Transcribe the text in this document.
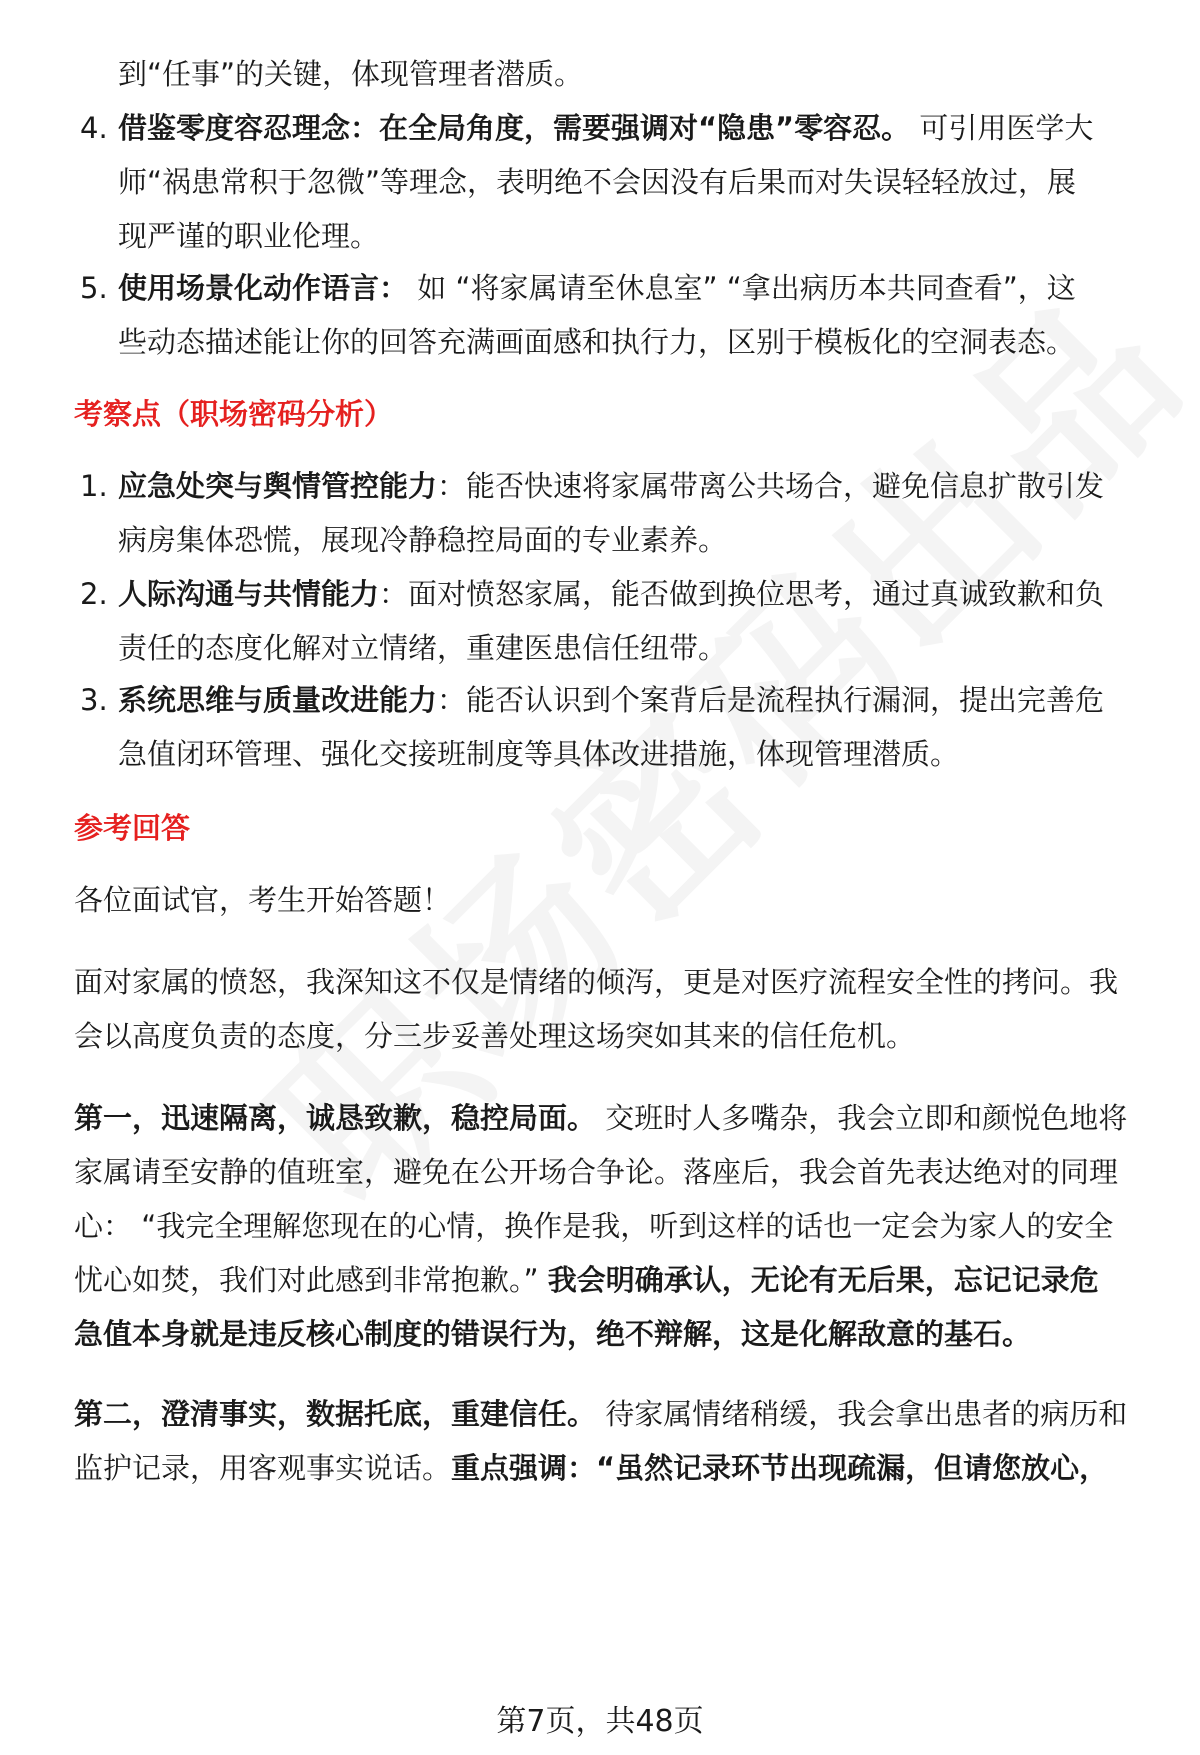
到“任事”的关键，体现管理者潜质。
4. 借鉴零度容忍理念：在全局角度，需要强调对“隐患”零容忍。 可引用医学大
师“祸患常积于忽微”等理念，表明绝不会因没有后果而对失误轻轻放过，展
现严谨的职业伦理。
5. 使用场景化动作语言： 如 “将家属请至休息室” “拿出病历本共同查看”，这
些动态描述能让你的回答充满画面感和执行力，区别于模板化的空洞表态。
考察点（职场密码分析）
1. 应急处突与舆情管控能力：能否快速将家属带离公共场合，避免信息扩散引发
病房集体恐慌，展现冷静稳控局面的专业素养。
2. 人际沟通与共情能力：面对愤怒家属，能否做到换位思考，通过真诚致歉和负
责任的态度化解对立情绪，重建医患信任纽带。
3. 系统思维与质量改进能力：能否认识到个案背后是流程执行漏洞，提出完善危
急值闭环管理、强化交接班制度等具体改进措施，体现管理潜质。
参考回答
各位面试官，考生开始答题！
面对家属的愤怒，我深知这不仅是情绪的倾泻，更是对医疗流程安全性的拷问。我
会以高度负责的态度，分三步妥善处理这场突如其来的信任危机。
第一，迅速隔离，诚恳致歉，稳控局面。 交班时人多嘴杂，我会立即和颜悦色地将
家属请至安静的值班室，避免在公开场合争论。落座后，我会首先表达绝对的同理
心： “我完全理解您现在的心情，换作是我，听到这样的话也一定会为家人的安全
忧心如焚，我们对此感到非常抱歉。” 我会明确承认，无论有无后果，忘记记录危
急值本身就是违反核心制度的错误行为，绝不辩解，这是化解敌意的基石。
第二，澄清事实，数据托底，重建信任。 待家属情绪稍缓，我会拿出患者的病历和
监护记录，用客观事实说话。重点强调：“虽然记录环节出现疏漏，但请您放心，
第7页，共48页
